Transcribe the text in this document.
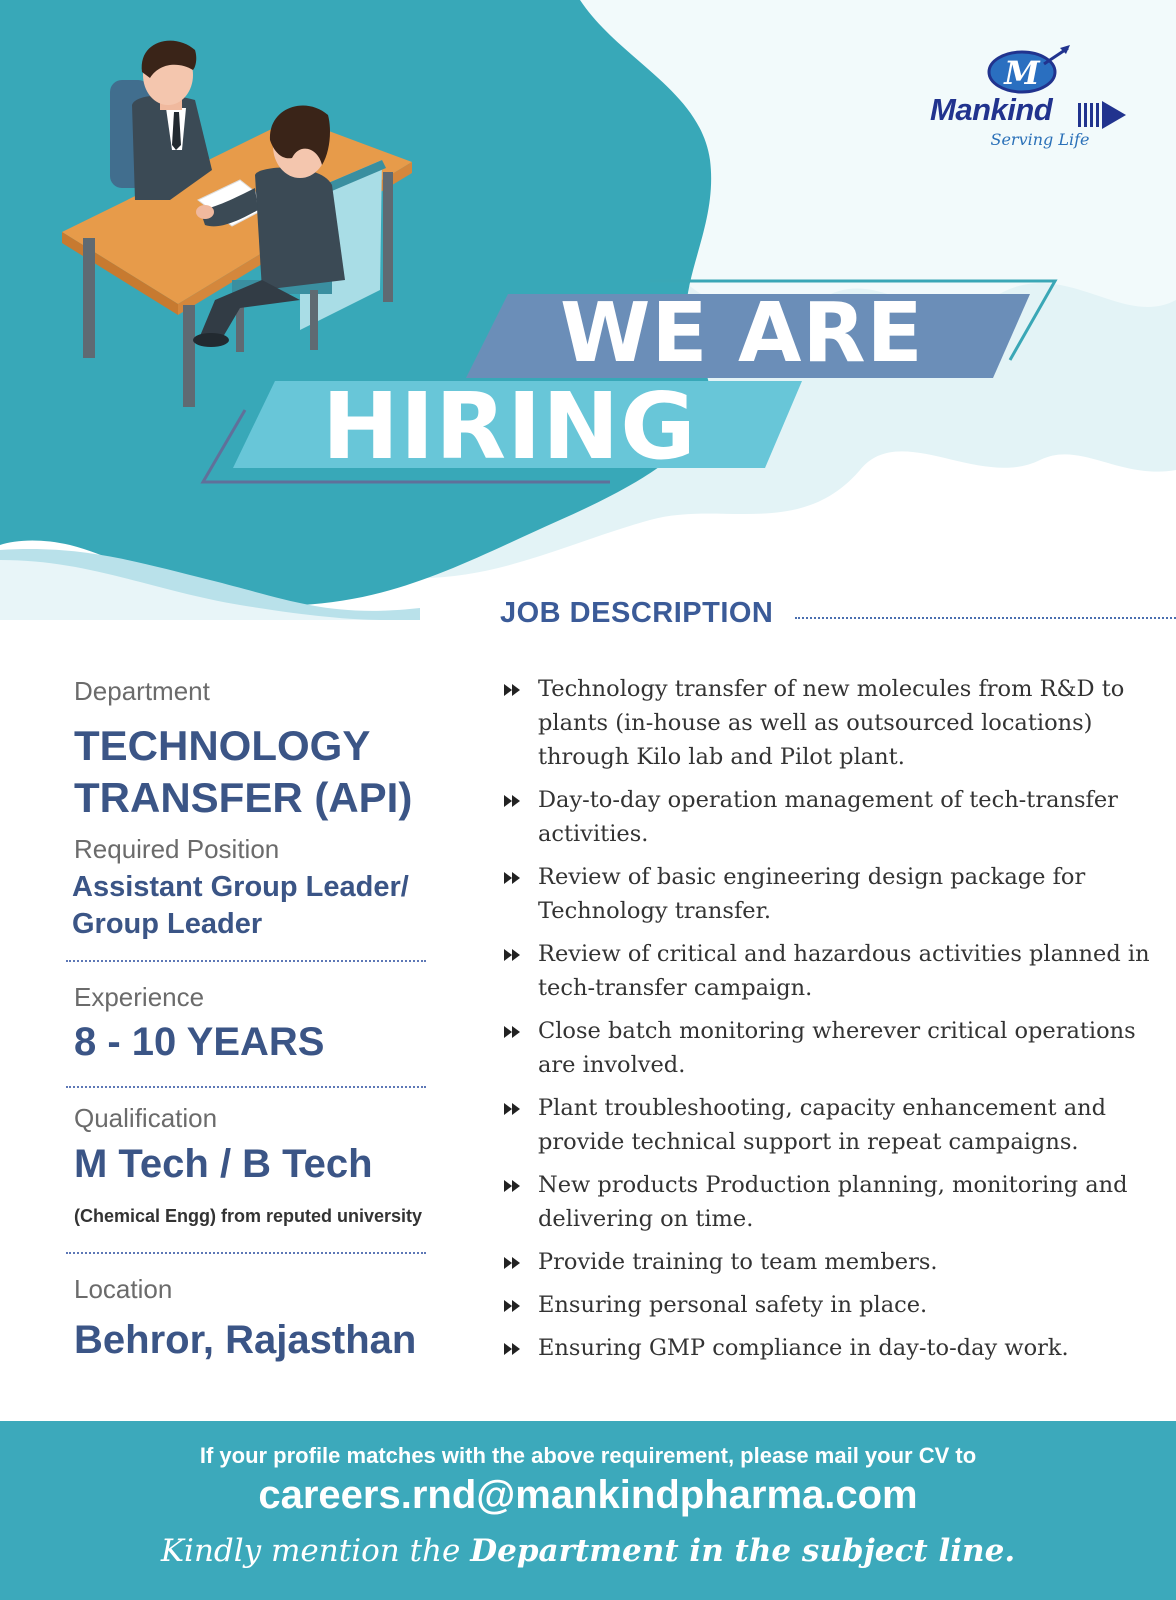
M
Mankind
Serving Life
WE ARE
HIRING
JOB DESCRIPTION
Department
TECHNOLOGY TRANSFER (API)
Required Position
Assistant Group Leader/ Group Leader
Experience
8 - 10 YEARS
Qualification
M Tech / B Tech
(Chemical Engg) from reputed university
Location
Behror, Rajasthan
Technology transfer of new molecules from R&D to plants (in-house as well as outsourced locations) through Kilo lab and Pilot plant.
Day-to-day operation management of tech-transfer activities.
Review of basic engineering design package for Technology transfer.
Review of critical and hazardous activities planned in tech-transfer campaign.
Close batch monitoring wherever critical operations are involved.
Plant troubleshooting, capacity enhancement and provide technical support in repeat campaigns.
New products Production planning, monitoring and delivering on time.
Provide training to team members.
Ensuring personal safety in place.
Ensuring GMP compliance in day-to-day work.
If your profile matches with the above requirement, please mail your CV to
careers.rnd@mankindpharma.com
Kindly mention the Department in the subject line.
